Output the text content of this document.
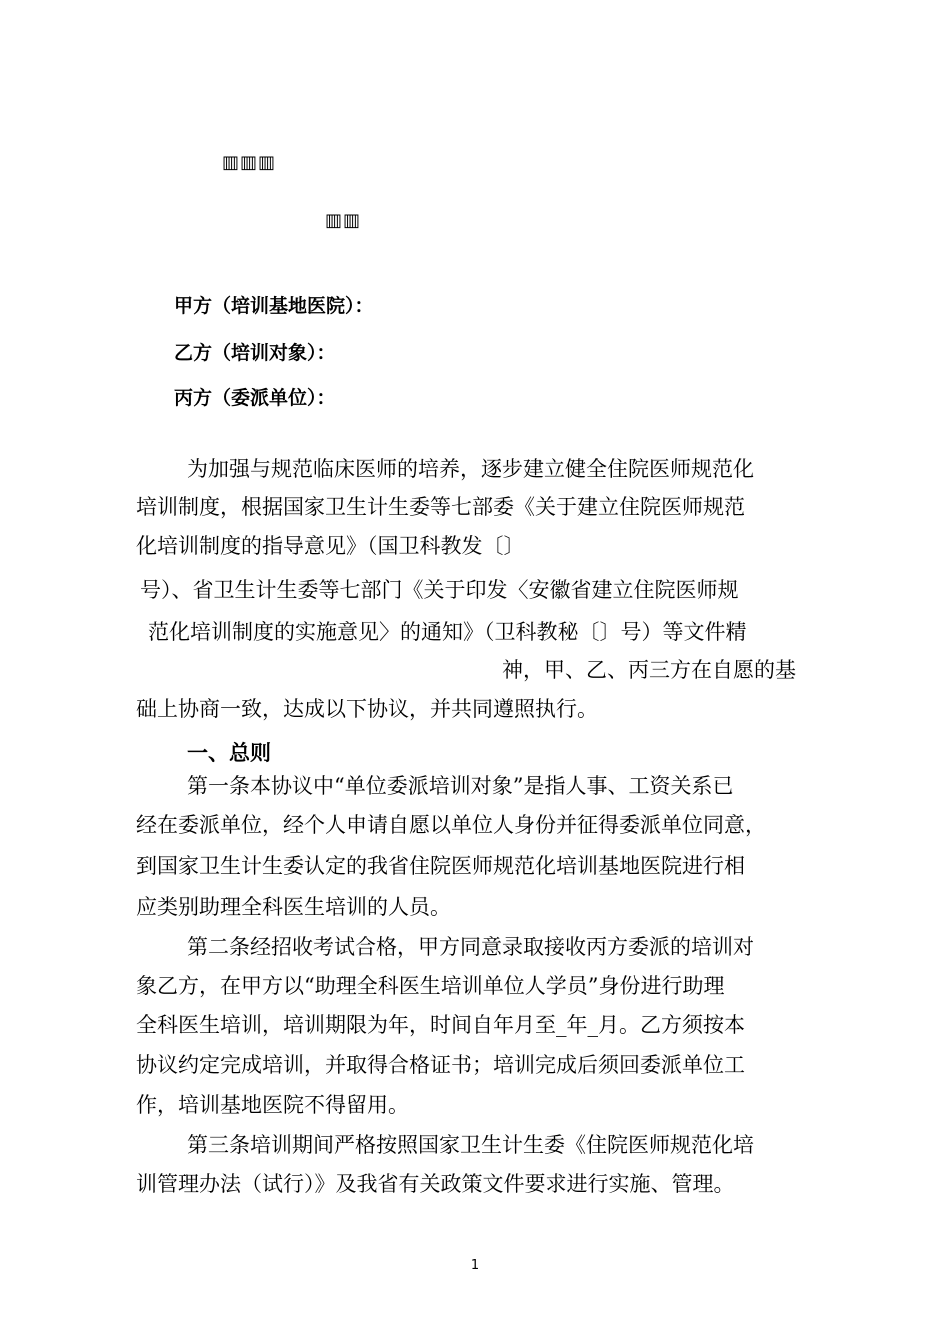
▥▥▥
▥▥
甲方（培训基地医院）：
乙方（培训对象）：
丙方（委派单位）：
为加强与规范临床医师的培养，逐步建立健全住院医师规范化
培训制度，根据国家卫生计生委等七部委《关于建立住院医师规范
化培训制度的指导意见》（国卫科教发〔〕
号）、省卫生计生委等七部门《关于印发〈安徽省建立住院医师规
范化培训制度的实施意见〉的通知》（卫科教秘〔〕号）等文件精
神，甲、乙、丙三方在自愿的基
础上协商一致，达成以下协议，并共同遵照执行。
一、总则
第一条本协议中“单位委派培训对象”是指人事、工资关系已
经在委派单位，经个人申请自愿以单位人身份并征得委派单位同意，
到国家卫生计生委认定的我省住院医师规范化培训基地医院进行相
应类别助理全科医生培训的人员。
第二条经招收考试合格，甲方同意录取接收丙方委派的培训对
象乙方，在甲方以“助理全科医生培训单位人学员”身份进行助理
全科医生培训，培训期限为年，时间自年月至_年_月。乙方须按本
协议约定完成培训，并取得合格证书；培训完成后须回委派单位工
作，培训基地医院不得留用。
第三条培训期间严格按照国家卫生计生委《住院医师规范化培
训管理办法（试行）》及我省有关政策文件要求进行实施、管理。
1
